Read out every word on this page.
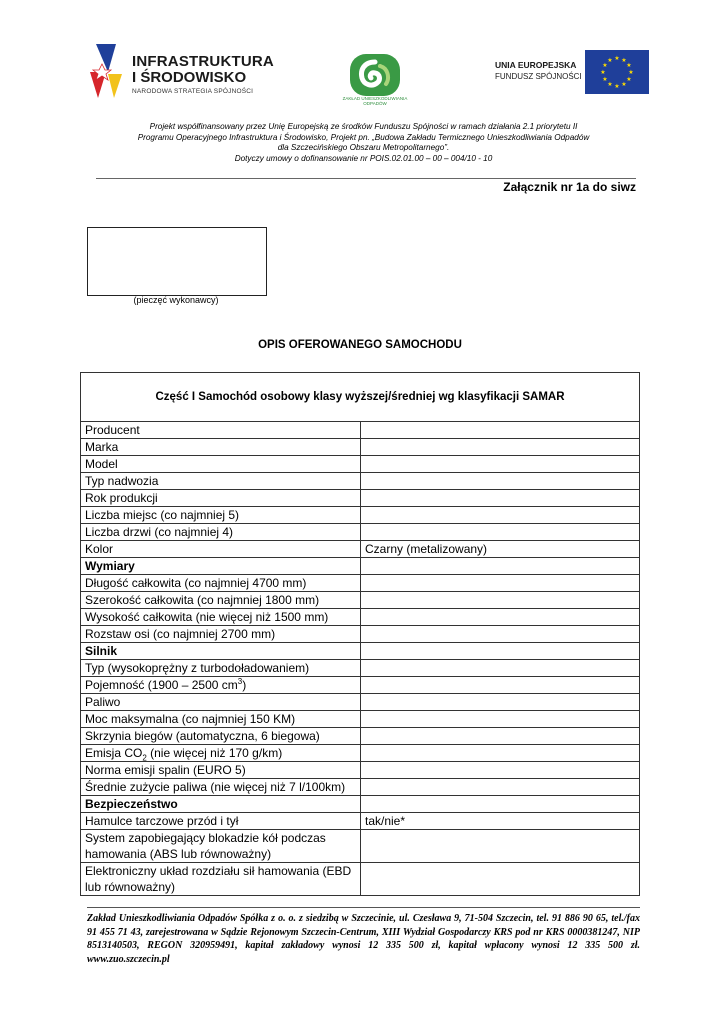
INFRASTRUKTURA
I ŚRODOWISKO
NARODOWA STRATEGIA SPÓJNOŚCI
ZAKŁAD UNIESZKODLIWIANIA ODPADÓW
UNIA EUROPEJSKA
FUNDUSZ SPÓJNOŚCI
★ ★
★
★
★
★
★
★
★
★
★
★
Projekt współfinansowany przez Unię Europejską ze środków Funduszu Spójności w ramach działania 2.1 priorytetu II
Programu Operacyjnego Infrastruktura i Środowisko, Projekt pn. „Budowa Zakładu Termicznego Unieszkodliwiania Odpadów
dla Szczecińskiego Obszaru Metropolitarnego”.
Dotyczy umowy o dofinansowanie nr POIS.02.01.00 – 00 – 004/10 - 10
Załącznik nr 1a do siwz
(pieczęć wykonawcy)
OPIS OFEROWANEGO SAMOCHODU
Część I Samochód osobowy klasy wyższej/średniej wg klasyfikacji SAMAR	
Producent	
Marka	
Model	
Typ nadwozia	
Rok produkcji	
Liczba miejsc (co najmniej 5)	
Liczba drzwi (co najmniej 4)	
Kolor	Czarny (metalizowany)
Wymiary	
Długość całkowita (co najmniej 4700 mm)	
Szerokość całkowita (co najmniej 1800 mm)	
Wysokość całkowita (nie więcej niż 1500 mm)	
Rozstaw osi (co najmniej 2700 mm)	
Silnik	
Typ (wysokoprężny z turbodoładowaniem)	
Pojemność (1900 – 2500 $cm^3$)	
Paliwo	
Moc maksymalna (co najmniej 150 KM)	
Skrzynia biegów (automatyczna, 6 biegowa)	
Emisja $CO_2$ (nie więcej niż 170 g/km)	
Norma emisji spalin (EURO 5)	
Średnie zużycie paliwa (nie więcej niż 7 l/100km)	
Bezpieczeństwo	
Hamulce tarczowe przód i tył	tak/nie*
System zapobiegający blokadzie kół podczas hamowania (ABS lub równoważny)	
Elektroniczny układ rozdziału sił hamowania (EBD lub równoważny)	
Zakład Unieszkodliwiania Odpadów Spółka z o. o. z siedzibą w Szczecinie, ul. Czesława 9, 71-504 Szczecin, tel. 91 886 90 65, tel./fax 91 455 71 43, zarejestrowana w Sądzie Rejonowym Szczecin-Centrum, XIII Wydział Gospodarczy KRS pod nr KRS 0000381247, NIP 8513140503, REGON 320959491, kapitał zakładowy wynosi 12 335 500 zł, kapitał wpłacony wynosi 12 335 500 zł. www.zuo.szczecin.pl
